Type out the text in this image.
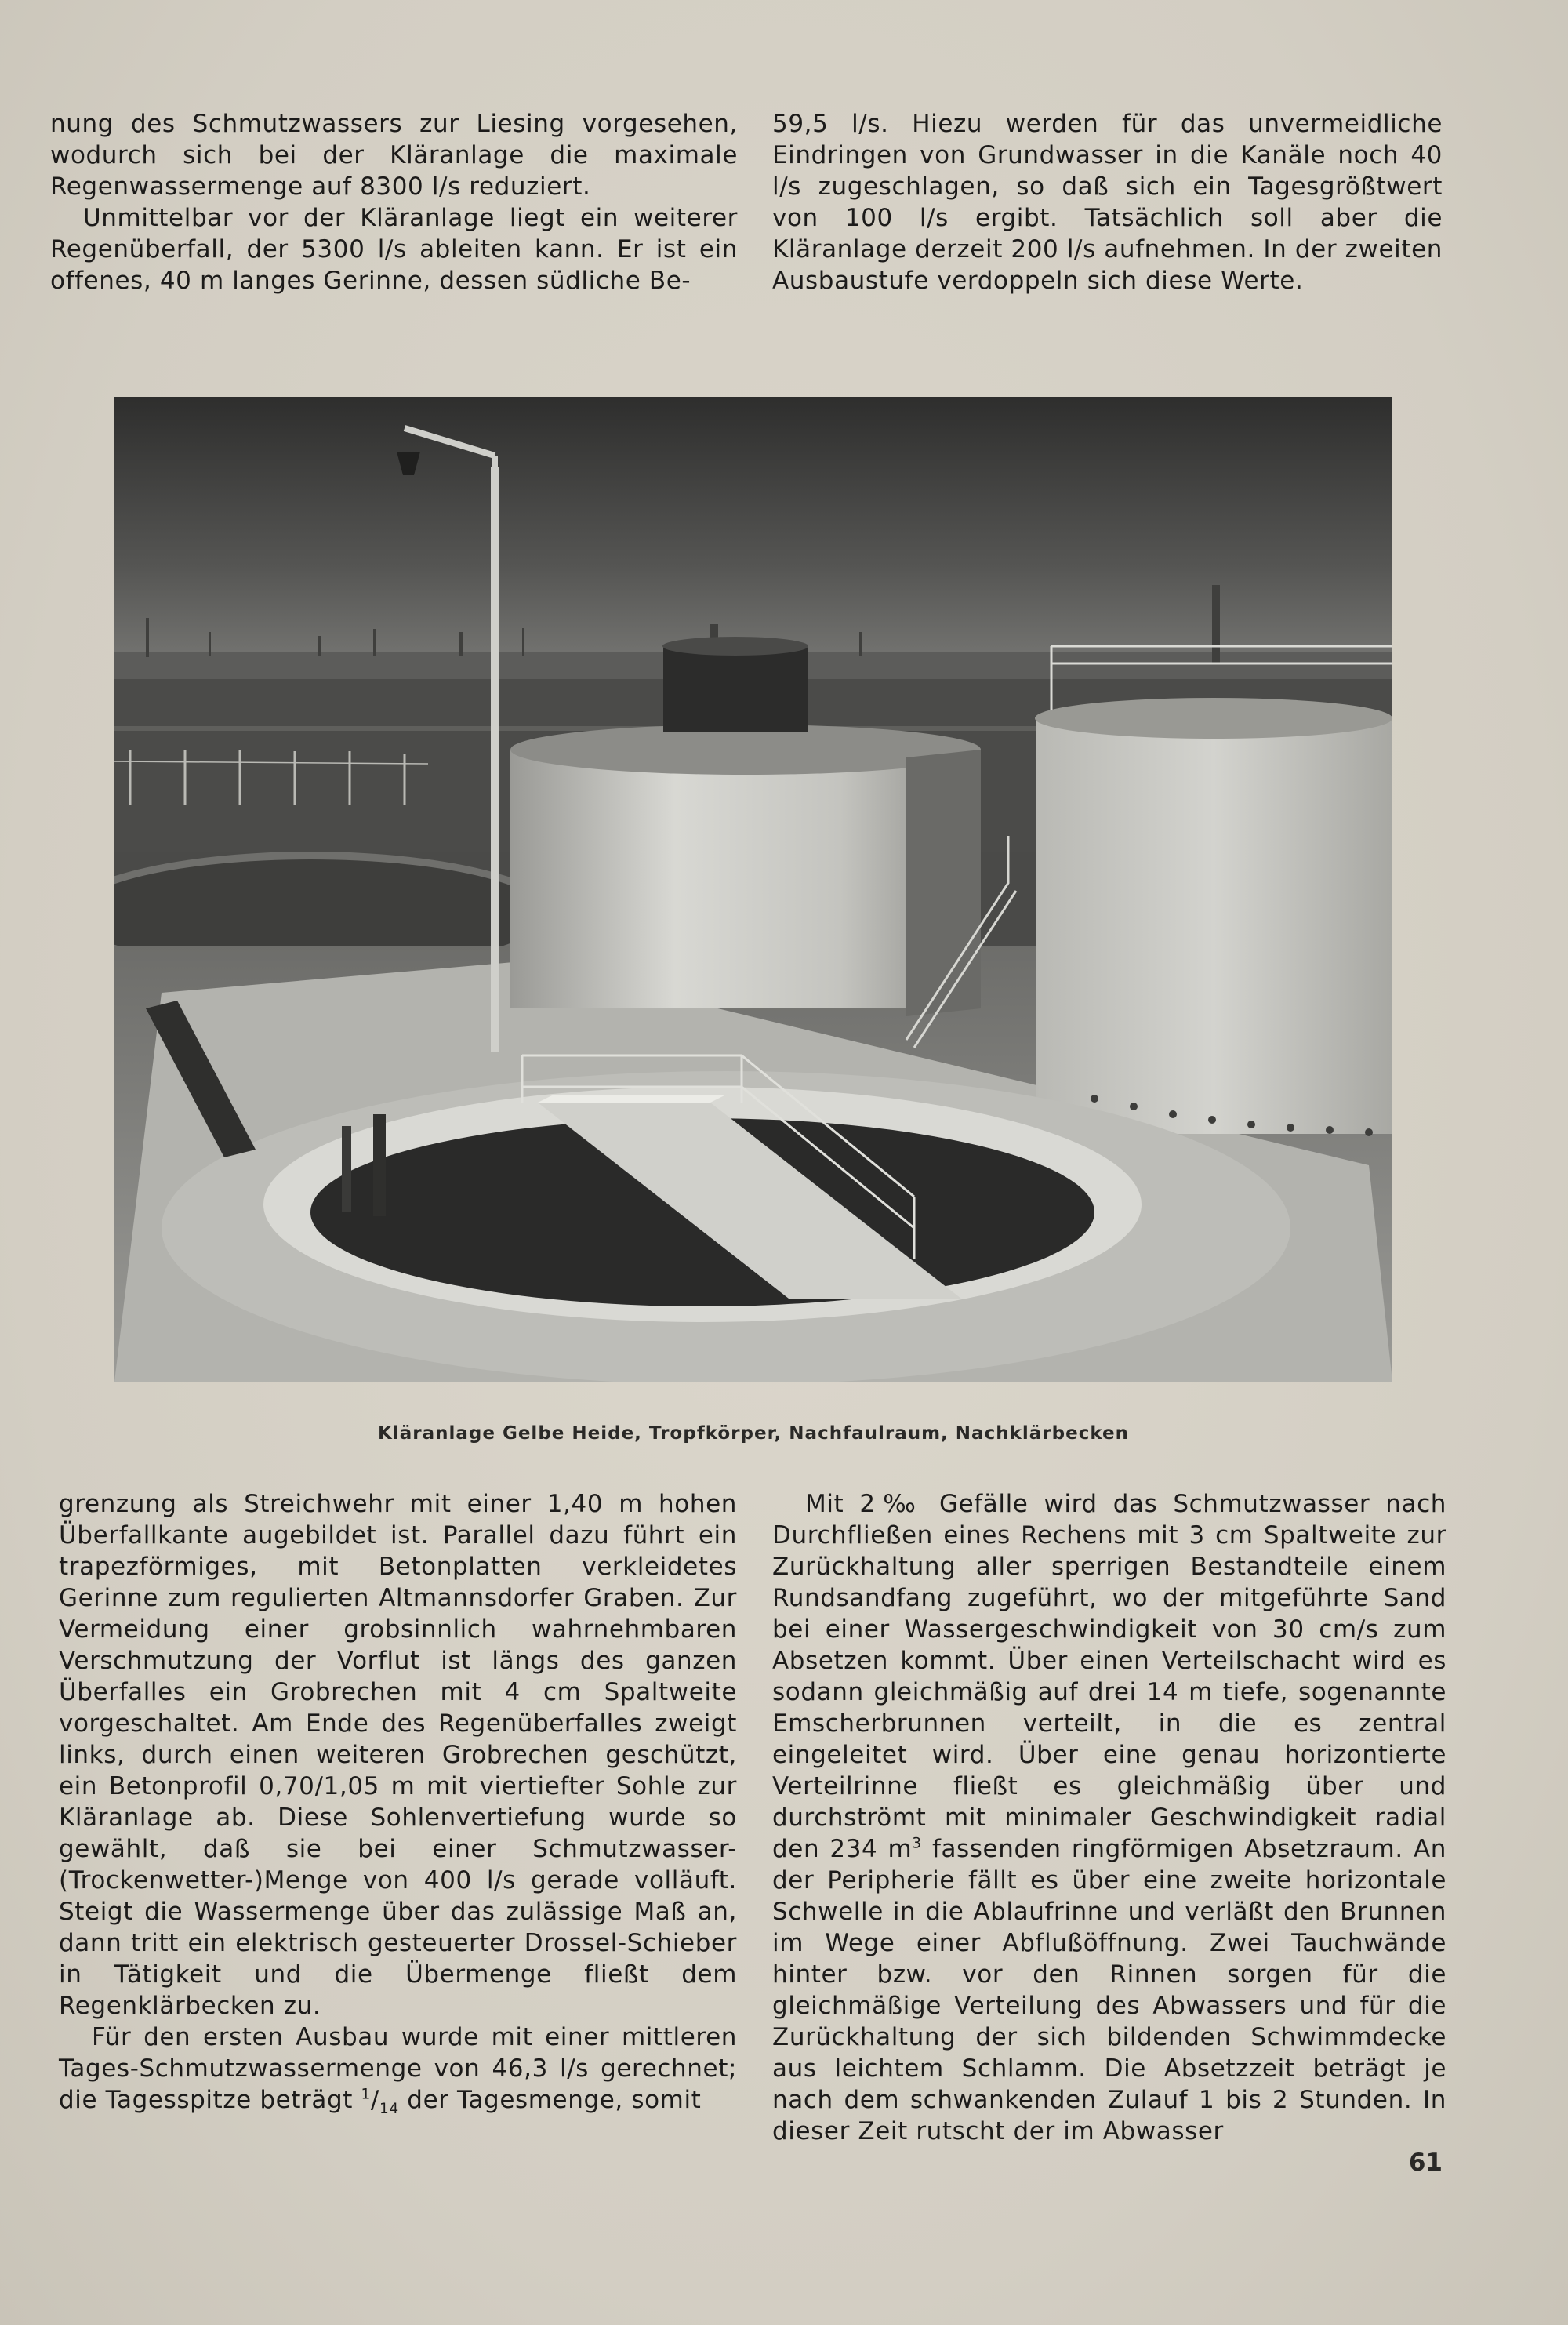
nung des Schmutzwassers zur Liesing vorgesehen, wodurch sich bei der Kläranlage die maximale Regenwassermenge auf 8300 l/s reduziert.

Unmittelbar vor der Kläranlage liegt ein weiterer Regenüberfall, der 5300 l/s ableiten kann. Er ist ein offenes, 40 m langes Gerinne, dessen südliche Be-

59,5 l/s. Hiezu werden für das unvermeidliche Eindringen von Grundwasser in die Kanäle noch 40 l/s zugeschlagen, so daß sich ein Tagesgrößtwert von 100 l/s ergibt. Tatsächlich soll aber die Kläranlage derzeit 200 l/s aufnehmen. In der zweiten Ausbaustufe verdoppeln sich diese Werte.

Kläranlage Gelbe Heide, Tropfkörper, Nachfaulraum, Nachklärbecken

grenzung als Streichwehr mit einer 1,40 m hohen Überfallkante augebildet ist. Parallel dazu führt ein trapezförmiges, mit Betonplatten verkleidetes Gerinne zum regulierten Altmannsdorfer Graben. Zur Vermeidung einer grobsinnlich wahrnehmbaren Verschmutzung der Vorflut ist längs des ganzen Überfalles ein Grobrechen mit 4 cm Spaltweite vorgeschaltet. Am Ende des Regenüberfalles zweigt links, durch einen weiteren Grobrechen geschützt, ein Betonprofil 0,70/1,05 m mit viertiefter Sohle zur Kläranlage ab. Diese Sohlenvertiefung wurde so gewählt, daß sie bei einer Schmutzwasser-(Trockenwetter-)Menge von 400 l/s gerade volläuft. Steigt die Wassermenge über das zulässige Maß an, dann tritt ein elektrisch gesteuerter Drossel-Schieber in Tätigkeit und die Übermenge fließt dem Regenklärbecken zu.

Für den ersten Ausbau wurde mit einer mittleren Tages-Schmutzwassermenge von 46,3 l/s gerechnet; die Tagesspitze beträgt $^1/_{14}$ der Tagesmenge, somit

Mit 2‰ Gefälle wird das Schmutzwasser nach Durchfließen eines Rechens mit 3 cm Spaltweite zur Zurückhaltung aller sperrigen Bestandteile einem Rundsandfang zugeführt, wo der mitgeführte Sand bei einer Wassergeschwindigkeit von 30 cm/s zum Absetzen kommt. Über einen Verteilschacht wird es sodann gleichmäßig auf drei 14 m tiefe, sogenannte Emscherbrunnen verteilt, in die es zentral eingeleitet wird. Über eine genau horizontierte Verteilrinne fließt es gleichmäßig über und durchströmt mit minimaler Geschwindigkeit radial den 234 $m^3$ fassenden ringförmigen Absetzraum. An der Peripherie fällt es über eine zweite horizontale Schwelle in die Ablaufrinne und verläßt den Brunnen im Wege einer Abflußöffnung. Zwei Tauchwände hinter bzw. vor den Rinnen sorgen für die gleichmäßige Verteilung des Abwassers und für die Zurückhaltung der sich bildenden Schwimmdecke aus leichtem Schlamm. Die Absetzzeit beträgt je nach dem schwankenden Zulauf 1 bis 2 Stunden. In dieser Zeit rutscht der im Abwasser

61
